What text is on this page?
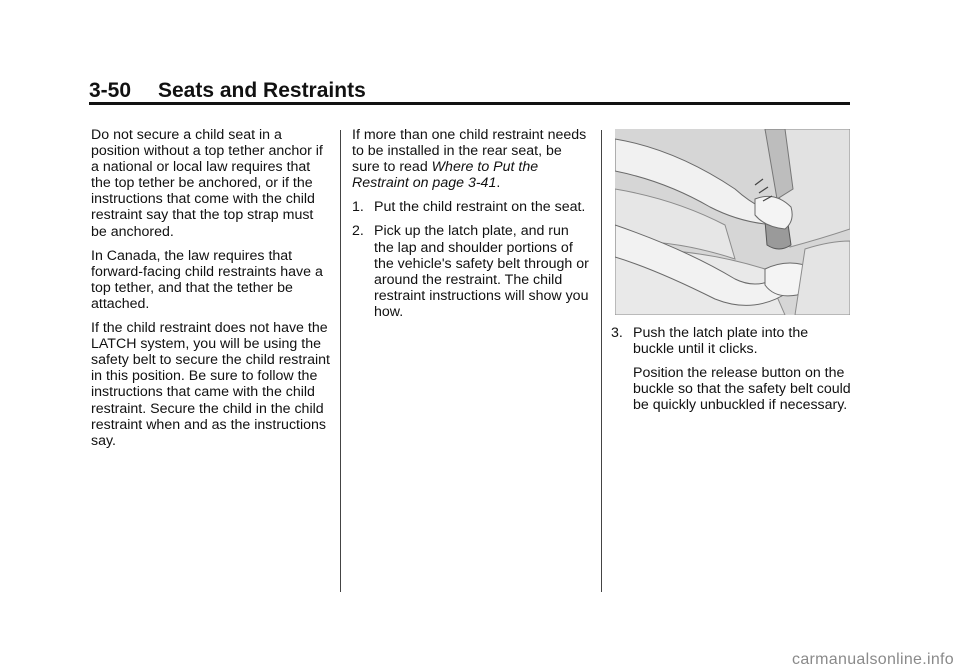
3-50 Seats and Restraints

Do not secure a child seat in a position without a top tether anchor if a national or local law requires that the top tether be anchored, or if the instructions that come with the child restraint say that the top strap must be anchored.

In Canada, the law requires that forward-facing child restraints have a top tether, and that the tether be attached.

If the child restraint does not have the LATCH system, you will be using the safety belt to secure the child restraint in this position. Be sure to follow the instructions that came with the child restraint. Secure the child in the child restraint when and as the instructions say.

If more than one child restraint needs to be installed in the rear seat, be sure to read Where to Put the Restraint on page 3-41.

1. Put the child restraint on the seat.
2. Pick up the latch plate, and run the lap and shoulder portions of the vehicle's safety belt through or around the restraint. The child restraint instructions will show you how.
3. Push the latch plate into the buckle until it clicks.

Position the release button on the buckle so that the safety belt could be quickly unbuckled if necessary.

carmanualsonline.info
